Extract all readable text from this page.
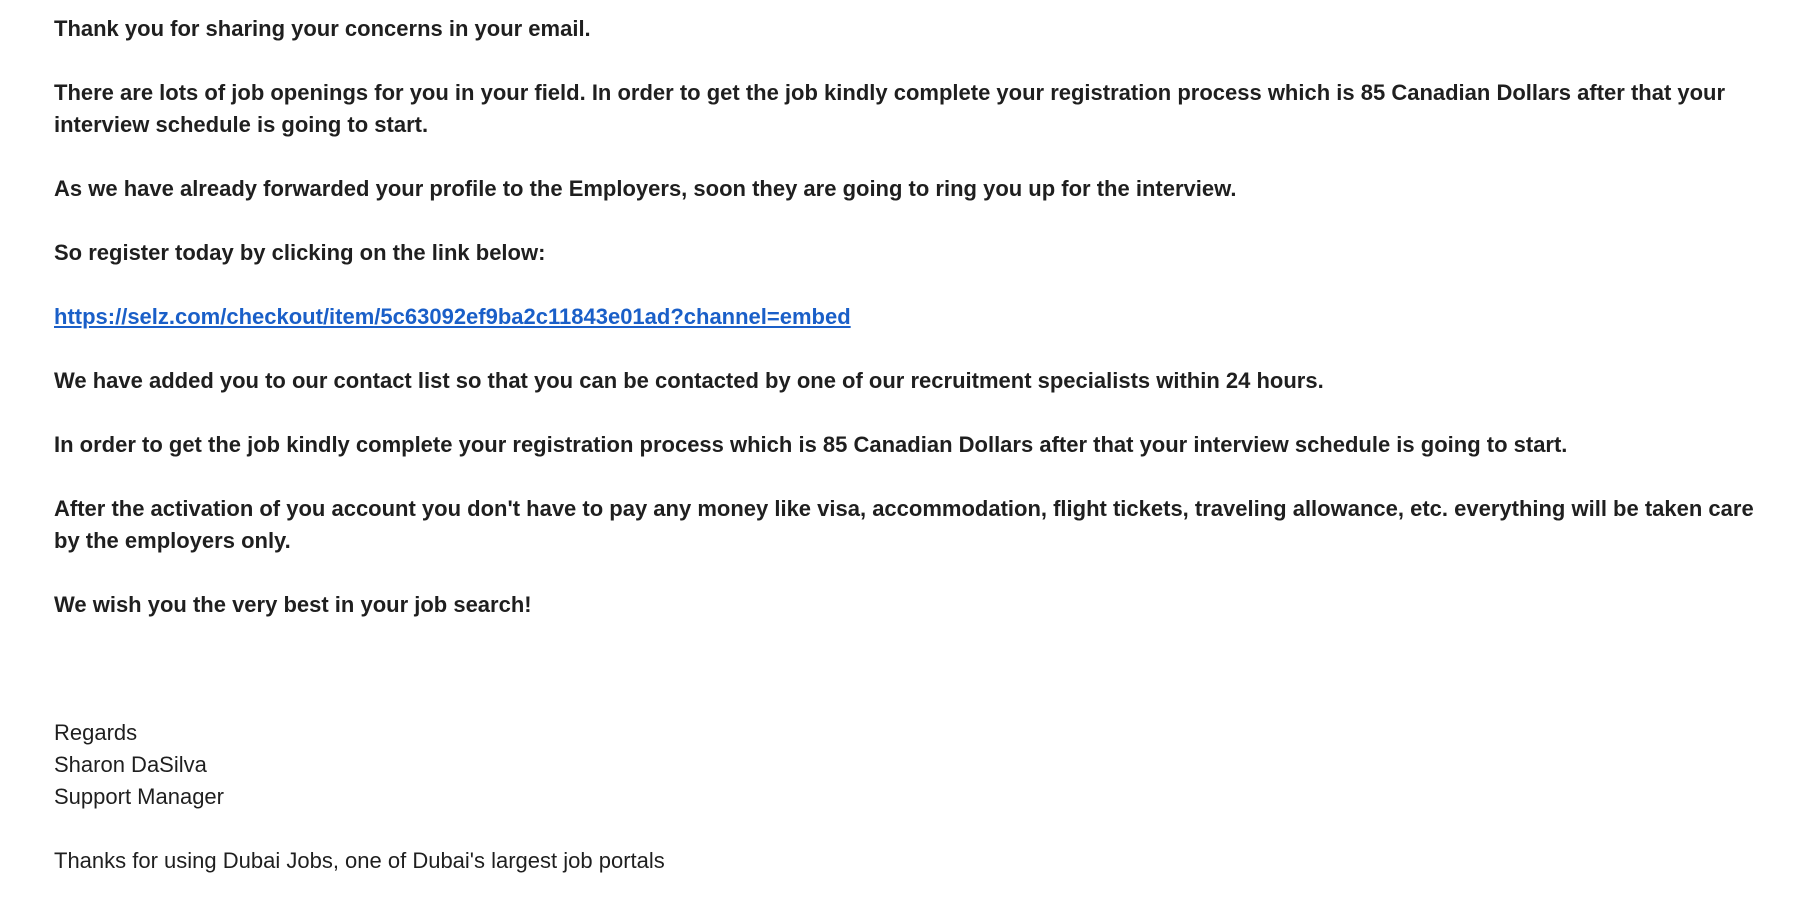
Thank you for sharing your concerns in your email.

There are lots of job openings for you in your field. In order to get the job kindly complete your registration process which is 85 Canadian Dollars after that your interview schedule is going to start.

As we have already forwarded your profile to the Employers, soon they are going to ring you up for the interview.

So register today by clicking on the link below:

https://selz.com/checkout/item/5c63092ef9ba2c11843e01ad?channel=embed

We have added you to our contact list so that you can be contacted by one of our recruitment specialists within 24 hours.

In order to get the job kindly complete your registration process which is 85 Canadian Dollars after that your interview schedule is going to start.

After the activation of you account you don't have to pay any money like visa, accommodation, flight tickets, traveling allowance, etc. everything will be taken care by the employers only.

We wish you the very best in your job search!

Regards
Sharon DaSilva
Support Manager

Thanks for using Dubai Jobs, one of Dubai's largest job portals
